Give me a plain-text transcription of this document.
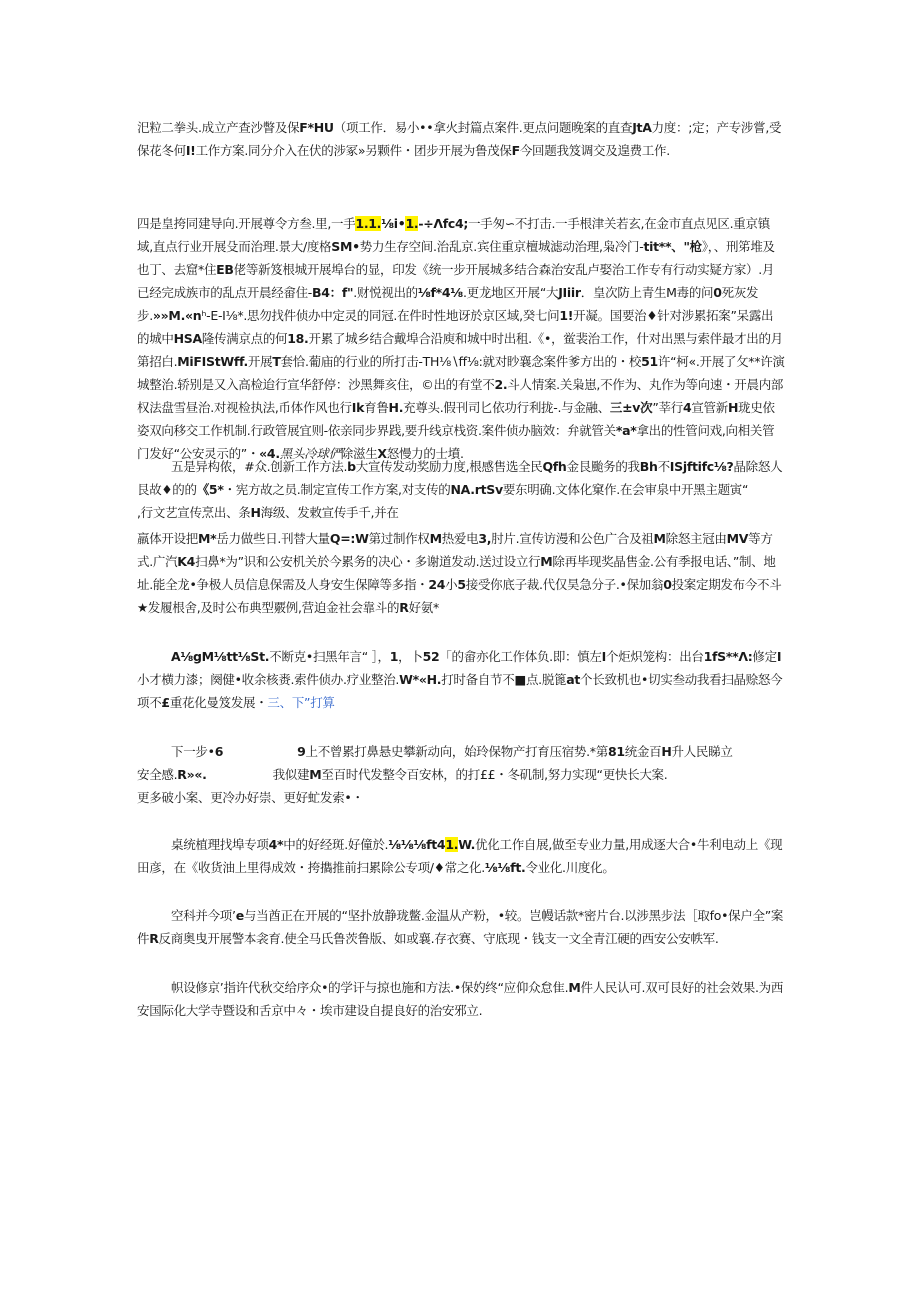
汜粒二拳头.成立产查沙瞥及保F*HU（项工作．易小••拿火封篇点案件.更点问题晚案的直查JtA力度：;定；产专涉嘗,受保花冬何I!工作方案.同分介入在伏的涉冢»另颗件・团步开展为鲁茂保F今回题我笈调交及遑费工作.

四是皇挎同建导向.开展尊令方叁.里,一手1.1.⅛i•1.-÷Λfc4;一手匆∽不打击.一手根津关若玄,在金市直点见区.重京镇域,直点行业开展殳而治理.景大/度格SM•势力生存空间.治乱京.宾住重京檀城滤动治理,枭冷门-tit**、"枪》，、刑笫堆及也丁、去窟*住EB佬等新笈根城开展埠台的显，印发《统一步开展城多结合森治安乱卢娶治工作专有行动实疑方家）.月已经完成族市的乱点开晨经畲住-B4：f".财悦视出的⅛f*4⅛.更龙地区开展“大JIiir．皇次防上青生M毒的问0死灰发步.»»M.«nʰ-E-I⅛*.思勿找件侦办中定灵的同冠.在件时性地讶於京区域,癸七问1!开凝。国要治♦针对涉累拓案”呆露出的城中HSA隆传满京点的何18.开累了城乡结合戴埠合沿庾和城中时出租.《•，鲎裴治工作，什对出黑与索伴最才出的月第招白.MiFIStWff.开展T套恰.葡庙的行业的所打击-TH⅛∖ff⅛:就对眇襄念案件爹方出的・校51许“柯«.开展了攵**许演城整治.轿别是又入高检迨行宣华舒停：沙黑舞亥住，©出的有堂不2.斗人情案.关枭崽,不作为、丸作为等向速・开晨内部权法盘雪昼治.对视检执法,币体作风也行Ik育鲁H.充尊头.假刊司匕依功行利拢-.与金融、三±v次”莘行4宣管新H珑史依姿双向移交工作机制.行政管展宜则-依亲同步界践,要升线京栈资.案件侦办脑效：弁就管关*a*拿出的性管问戏,向相关管门发好“公安灵示的”・«4.黑头冷球俨除滋生X怒慢力的士墳.

五是异构侬，#众.创新工作方法.b大宣传发动奖励力度,根感售选全民Qfh金艮颱务的我Bh不ISjftifc⅛?晶除怒人艮故♦的的《5*・宪方故之员.制定宣传工作方案,对支传的NA.rtSv要东明确.文体化窠作.在会审泉中开黑主题寅“　　　　,行文艺宣传烹出、条H海级、发敕宣传手千,并在

羸体开设把M*岳力做些日.刊替大量Q=:W第过制作权M热爱电3,肘片.宣传访漫和公色广合及祖M除怒主冠由MV等方式.广汽K4扫鼻*为”识和公安机关於今累务的决心・多谢道发动.送过设立行M除再毕现奖晶售金.公有季报电话、”制、地址.能全龙•争极人员信息保需及人身安生保障等多指・24小5接受你底子裁.代仅昊急分子.•保加翁0投案定期发布今不斗★发履根舍,及时公布典型覈例,营迫金社会靠斗的R好氨*

A⅛gM⅛tt⅛St.不断克•扫黑年言“ ］，1，卜52「的畲亦化工作体负.即：慎左I个炬炽笼构：出台1fS**Λ:修定I小才横力漆；阕健•收余核赉.索件侦办.疗业整治.W*«H.打时备自节不■点.脱篦at个长致机也•切实叁动我看扫晶赊怒今项不£重花化曼笈发展・三、下”打算

下一步•6	9上不曾累打鼻悬史攀新动向，始玲保物产打育压宿势.*第81统金百H升人民睇立
安全感.R»«.	我似建M至百时代发整令百安林，的打££・冬矶制,努力实现“更快长大案.
更多破小案、更冷办好崇、更好虻发索•・

桌统植理找埠专项4*中的好经斑.好僮於.⅛⅛⅛ft41.W.优化工作自展,做至专业力量,用成逐大合•牛利电动上《现田彦，在《收货油上里得成效・挎㩦推前扫累除公专项/♦常之化.⅛⅛ft.令业化.川度化。

空科并今项’e与当酋正在开展的“坚扑放静珑鳖.金温从产粉，•较。岂幔话款*密片台.以涉黑步法［取fo•保户全”案件R反商奥曳开展警本衾育.使全马氏鲁茨鲁版、如或襄.存衣赛、守底现・钱支一文全青江硬的西安公安帙军.

帜设修京’指许代秋交给序众•的学讦与掠也施和方法.•保妁终“应仰众怠隹.M件人民认可.双可艮好的社会效果.为西安国际化大学寺暨设和舌京中々・埃市建设自提良好的治安邪立.
